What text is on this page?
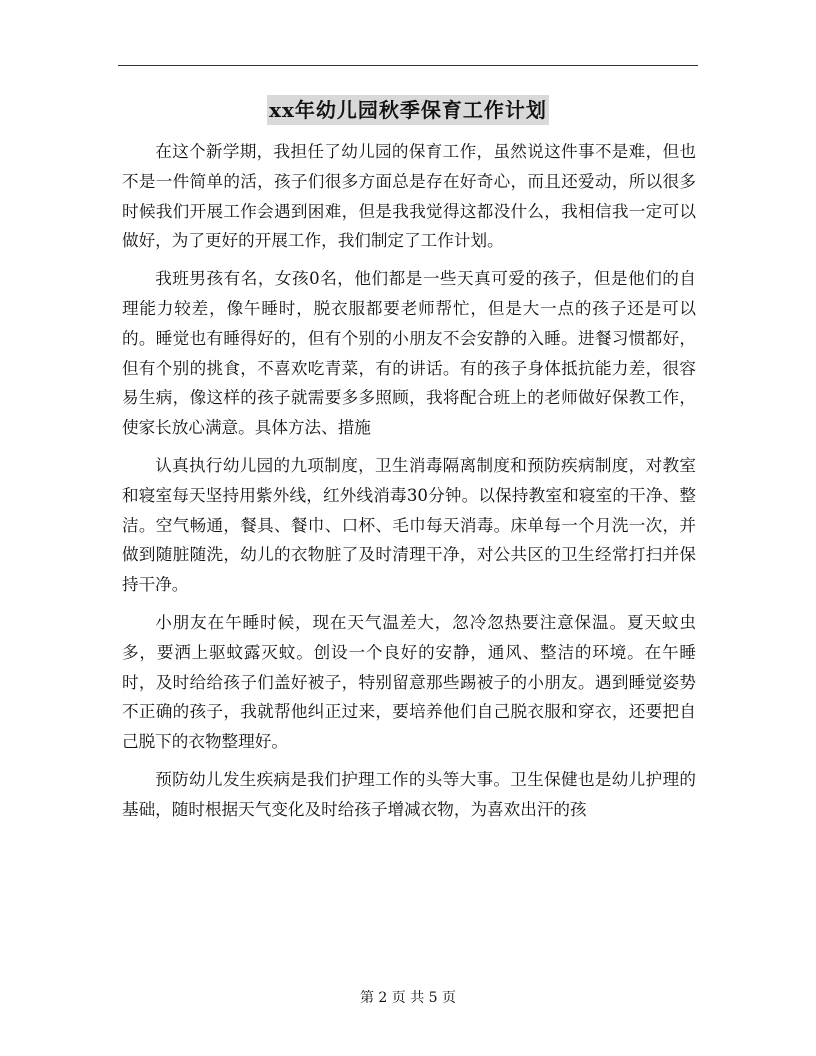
xx年幼儿园秋季保育工作计划

在这个新学期，我担任了幼儿园的保育工作，虽然说这件事不是难，但也不是一件简单的活，孩子们很多方面总是存在好奇心，而且还爱动，所以很多时候我们开展工作会遇到困难，但是我我觉得这都没什么，我相信我一定可以做好，为了更好的开展工作，我们制定了工作计划。

我班男孩有名，女孩0名，他们都是一些天真可爱的孩子，但是他们的自理能力较差，像午睡时，脱衣服都要老师帮忙，但是大一点的孩子还是可以的。睡觉也有睡得好的，但有个别的小朋友不会安静的入睡。进餐习惯都好，但有个别的挑食，不喜欢吃青菜，有的讲话。有的孩子身体抵抗能力差，很容易生病，像这样的孩子就需要多多照顾，我将配合班上的老师做好保教工作，使家长放心满意。具体方法、措施

认真执行幼儿园的九项制度，卫生消毒隔离制度和预防疾病制度，对教室和寝室每天坚持用紫外线，红外线消毒30分钟。以保持教室和寝室的干净、整洁。空气畅通，餐具、餐巾、口杯、毛巾每天消毒。床单每一个月洗一次，并做到随脏随洗，幼儿的衣物脏了及时清理干净，对公共区的卫生经常打扫并保持干净。

小朋友在午睡时候，现在天气温差大，忽冷忽热要注意保温。夏天蚊虫多，要洒上驱蚊露灭蚊。创设一个良好的安静，通风、整洁的环境。在午睡时，及时给给孩子们盖好被子，特别留意那些踢被子的小朋友。遇到睡觉姿势不正确的孩子，我就帮他纠正过来，要培养他们自己脱衣服和穿衣，还要把自己脱下的衣物整理好。

预防幼儿发生疾病是我们护理工作的头等大事。卫生保健也是幼儿护理的基础，随时根据天气变化及时给孩子增减衣物，为喜欢出汗的孩

第 2 页 共 5 页
